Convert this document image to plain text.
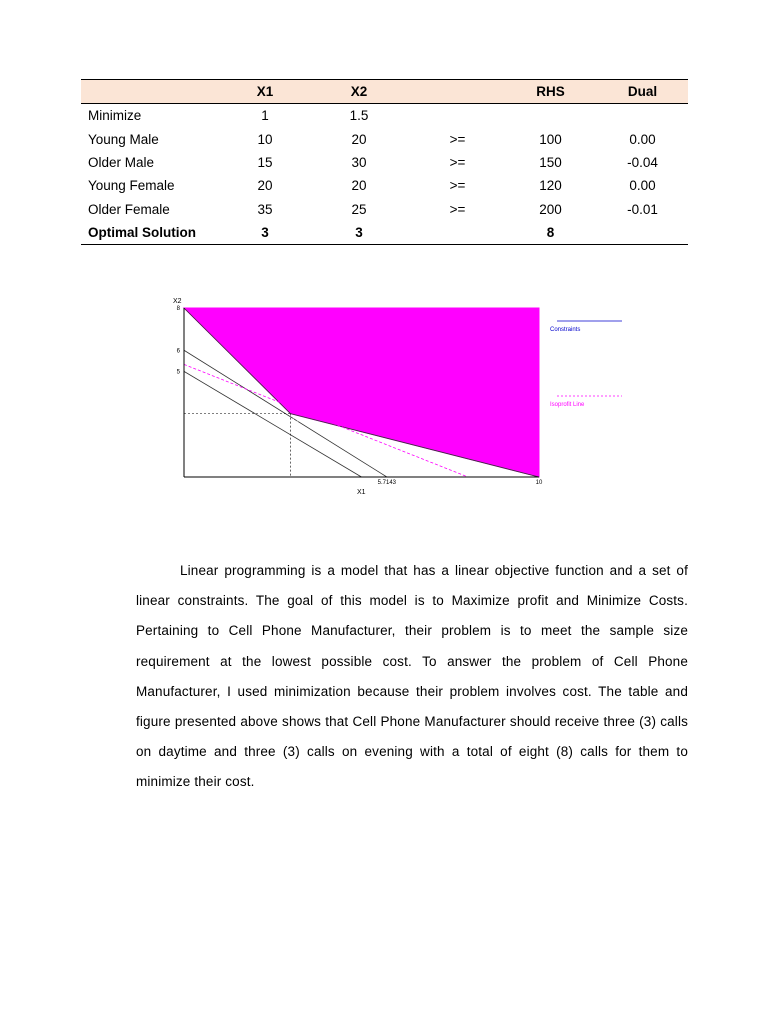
	X1	X2		RHS	Dual
Minimize	1	1.5			
Young Male	10	20	>=	100	0.00
Older Male	15	30	>=	150	-0.04
Young Female	20	20	>=	120	0.00
Older Female	35	25	>=	200	-0.01
Optimal Solution	3	3		8	
X2
X1
8
6
5
5.7143	10
3,3
Constraints
Isoprofit Line

Linear programming is a model that has a linear objective function and a set of linear constraints. The goal of this model is to Maximize profit and Minimize Costs. Pertaining to Cell Phone Manufacturer, their problem is to meet the sample size requirement at the lowest possible cost. To answer the problem of Cell Phone Manufacturer, I used minimization because their problem involves cost. The table and figure presented above shows that Cell Phone Manufacturer should receive three (3) calls on daytime and three (3) calls on evening with a total of eight (8) calls for them to minimize their cost.
